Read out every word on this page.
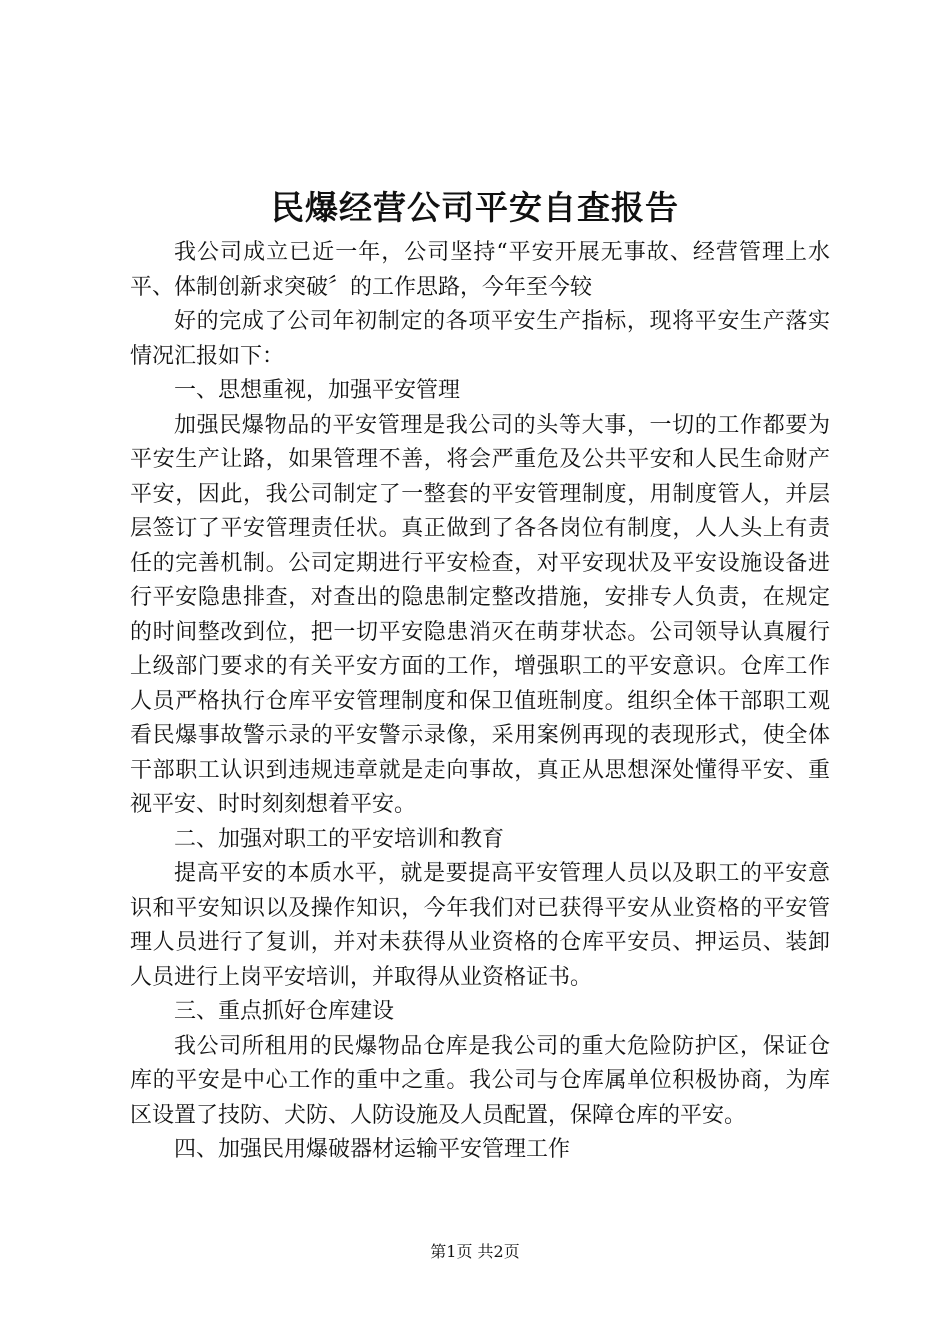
民爆经营公司平安自查报告

我公司成立已近一年，公司坚持“平安开展无事故、经营管理上水平、体制创新求突破〞的工作思路，今年至今较

好的完成了公司年初制定的各项平安生产指标，现将平安生产落实情况汇报如下：

一、思想重视，加强平安管理

加强民爆物品的平安管理是我公司的头等大事，一切的工作都要为平安生产让路，如果管理不善，将会严重危及公共平安和人民生命财产平安，因此，我公司制定了一整套的平安管理制度，用制度管人，并层层签订了平安管理责任状。真正做到了各各岗位有制度，人人头上有责任的完善机制。公司定期进行平安检查，对平安现状及平安设施设备进行平安隐患排查，对查出的隐患制定整改措施，安排专人负责，在规定的时间整改到位，把一切平安隐患消灭在萌芽状态。公司领导认真履行上级部门要求的有关平安方面的工作，增强职工的平安意识。仓库工作人员严格执行仓库平安管理制度和保卫值班制度。组织全体干部职工观看民爆事故警示录的平安警示录像，采用案例再现的表现形式，使全体干部职工认识到违规违章就是走向事故，真正从思想深处懂得平安、重视平安、时时刻刻想着平安。

二、加强对职工的平安培训和教育

提高平安的本质水平，就是要提高平安管理人员以及职工的平安意识和平安知识以及操作知识，今年我们对已获得平安从业资格的平安管理人员进行了复训，并对未获得从业资格的仓库平安员、押运员、装卸人员进行上岗平安培训，并取得从业资格证书。

三、重点抓好仓库建设

我公司所租用的民爆物品仓库是我公司的重大危险防护区，保证仓库的平安是中心工作的重中之重。我公司与仓库属单位积极协商，为库区设置了技防、犬防、人防设施及人员配置，保障仓库的平安。

四、加强民用爆破器材运输平安管理工作

第1页 共2页
